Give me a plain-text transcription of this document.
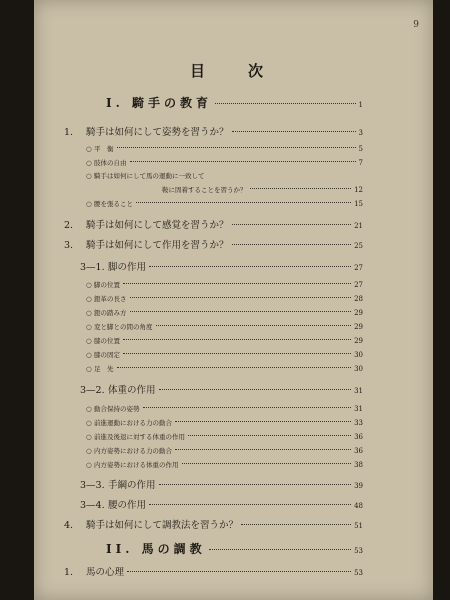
9
目　次
I. 騎手の教育	1
1. 騎手は如何にして姿勢を習うか？	3
○ 平　衡	5
○ 肢体の自由	7
○ 騎手は如何にして馬の運動に一致して
鞍に固着することを習うか？	12
○ 腰を張ること	15
2. 騎手は如何にして感覚を習うか？	21
3. 騎手は如何にして作用を習うか？	25
3—1. 脚の作用	27
○ 脚の位置	27
○ 鐙革の長さ	28
○ 鐙の踏み方	29
○ 変と脚との間の角度	29
○ 膝の位置	29
○ 膝の固定	30
○ 足　先	30
3—2. 体重の作用	31
○ 動合保持の姿勢	31
○ 前進運動における力の動合	33
○ 前進及後退に対する体重の作用	36
○ 内方姿勢における力の動合	36
○ 内方姿勢における体重の作用	38
3—3. 手綱の作用	39
3—4. 腰の作用	48
4. 騎手は如何にして調教法を習うか？	51
II. 馬の調教	53
1. 馬の心理	53
